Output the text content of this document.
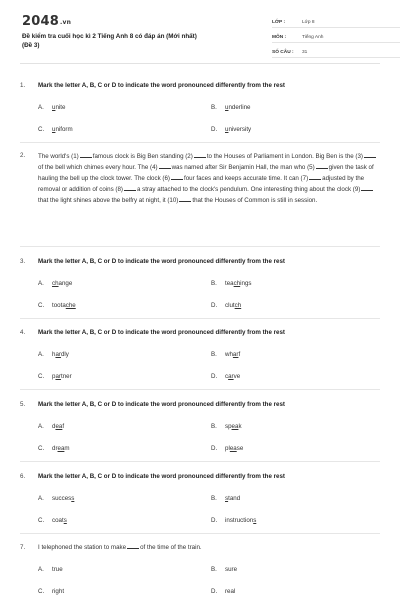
2048.vn
Đề kiểm tra cuối học kì 2 Tiếng Anh 8 có đáp án (Mới nhất)
(Đề 3)
LỚP :	Lớp 8
MÔN :	Tiếng Anh
SỐ CÂU :	31
1. Mark the letter A, B, C or D to indicate the word pronounced differently from the rest
A.	u nite	B.	u nderline
C.	u niform	D.	u niversity
2. The world's (1) famous clock is Big Ben standing (2) to the Houses of Parliament in London. Big Ben is the (3)of the bell which chimes every hour. The (4) was named after Sir Benjamin Hall, the man who (5) given the task of hauling the bell up the clock tower. The clock (6) four faces and keeps accurate time. It can (7) adjusted by the removal or addition of coins (8) a stray attached to the clock's pendulum. One interesting thing about the clock (9)that the light shines above the belfry at night, it (10) that the Houses of Common is still in session.
3. Mark the letter A, B, C or D to indicate the word pronounced differently from the rest
A.	ch ange	B.	tea ch ings
C.	toota che	D.	clut ch
4. Mark the letter A, B, C or D to indicate the word pronounced differently from the rest
A.	h ar dly	B.	wh ar f
C.	p ar tner	D.	c ar ve
5. Mark the letter A, B, C or D to indicate the word pronounced differently from the rest
A.	d ea f	B.	sp ea k
C.	dr ea m	D.	pl ea se
6. Mark the letter A, B, C or D to indicate the word pronounced differently from the rest
A.	succes s	B.	s tand
C.	coat s	D.	instruction s
7. I telephoned the station to make of the time of the train.
A.	true	B.	sure
C.	right	D.	real
